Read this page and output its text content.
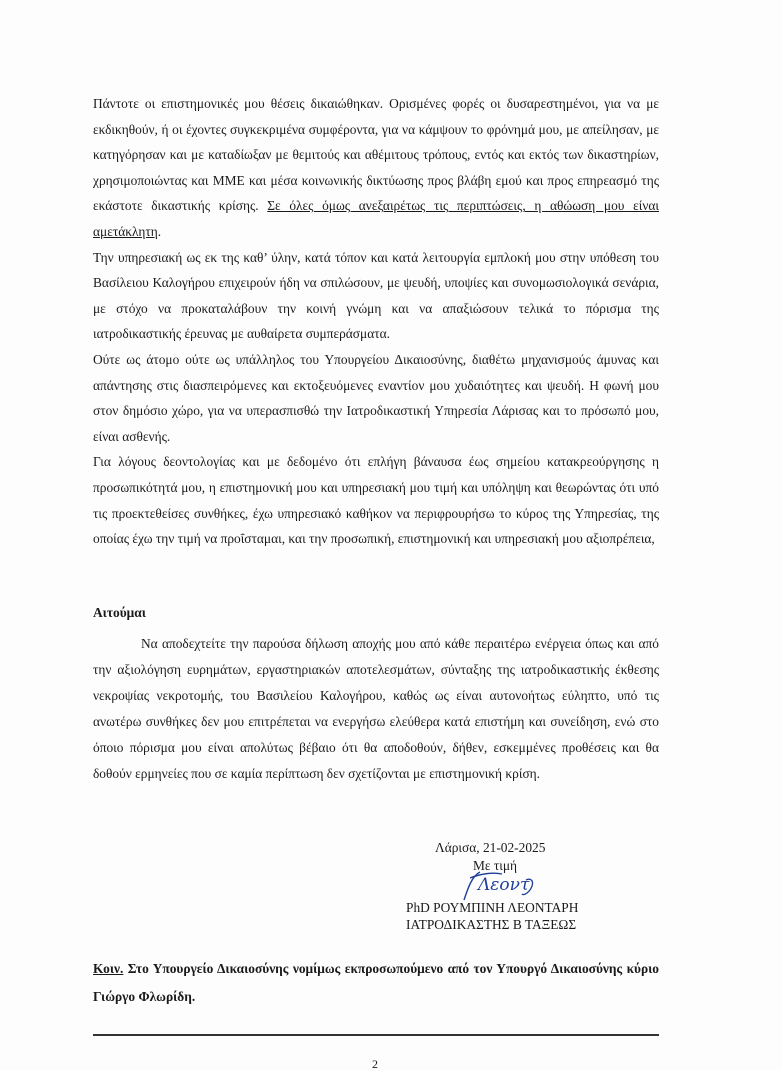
Πάντοτε οι επιστημονικές μου θέσεις δικαιώθηκαν. Ορισμένες φορές οι δυσαρεστημένοι, για να με εκδικηθούν, ή οι έχοντες συγκεκριμένα συμφέροντα, για να κάμψουν το φρόνημά μου, με απείλησαν, με κατηγόρησαν και με καταδίωξαν με θεμιτούς και αθέμιτους τρόπους, εντός και εκτός των δικαστηρίων, χρησιμοποιώντας και ΜΜΕ και μέσα κοινωνικής δικτύωσης προς βλάβη εμού και προς επηρεασμό της εκάστοτε δικαστικής κρίσης. Σε όλες όμως ανεξαιρέτως τις περιπτώσεις, η αθώωση μου είναι αμετάκλητη.

Την υπηρεσιακή ως εκ της καθ’ ύλην, κατά τόπον και κατά λειτουργία εμπλοκή μου στην υπόθεση του Βασίλειου Καλογήρου επιχειρούν ήδη να σπιλώσουν, με ψευδή, υποψίες και συνομωσιολογικά σενάρια, με στόχο να προκαταλάβουν την κοινή γνώμη και να απαξιώσουν τελικά το πόρισμα της ιατροδικαστικής έρευνας με αυθαίρετα συμπεράσματα.

Ούτε ως άτομο ούτε ως υπάλληλος του Υπουργείου Δικαιοσύνης, διαθέτω μηχανισμούς άμυνας και απάντησης στις διασπειρόμενες και εκτοξευόμενες εναντίον μου χυδαιότητες και ψευδή. Η φωνή μου στον δημόσιο χώρο, για να υπερασπισθώ την Ιατροδικαστική Υπηρεσία Λάρισας και το πρόσωπό μου, είναι ασθενής.

Για λόγους δεοντολογίας και με δεδομένο ότι επλήγη βάναυσα έως σημείου κατακρεούργησης η προσωπικότητά μου, η επιστημονική μου και υπηρεσιακή μου τιμή και υπόληψη και θεωρώντας ότι υπό τις προεκτεθείσες συνθήκες, έχω υπηρεσιακό καθήκον να περιφρουρήσω το κύρος της Υπηρεσίας, της οποίας έχω την τιμή να προΐσταμαι, και την προσωπική, επιστημονική και υπηρεσιακή μου αξιοπρέπεια,

Αιτούμαι

Να αποδεχτείτε την παρούσα δήλωση αποχής μου από κάθε περαιτέρω ενέργεια όπως και από την αξιολόγηση ευρημάτων, εργαστηριακών αποτελεσμάτων, σύνταξης της ιατροδικαστικής έκθεσης νεκροψίας νεκροτομής, του Βασιλείου Καλογήρου, καθώς ως είναι αυτονοήτως εύληπτο, υπό τις ανωτέρω συνθήκες δεν μου επιτρέπεται να ενεργήσω ελεύθερα κατά επιστήμη και συνείδηση, ενώ στο όποιο πόρισμα μου είναι απολύτως βέβαιο ότι θα αποδοθούν, δήθεν, εσκεμμένες προθέσεις και θα δοθούν ερμηνείες που σε καμία περίπτωση δεν σχετίζονται με επιστημονική κρίση.

Λάρισα, 21-02-2025
Με τιμή
Λεοντ
PhD ΡΟΥΜΠΙΝΗ ΛΕΟΝΤΑΡΗ
ΙΑΤΡΟΔΙΚΑΣΤΗΣ Β ΤΑΞΕΩΣ

Κοιν. Στο Υπουργείο Δικαιοσύνης νομίμως εκπροσωπούμενο από τον Υπουργό Δικαιοσύνης κύριο Γιώργο Φλωρίδη.

2
